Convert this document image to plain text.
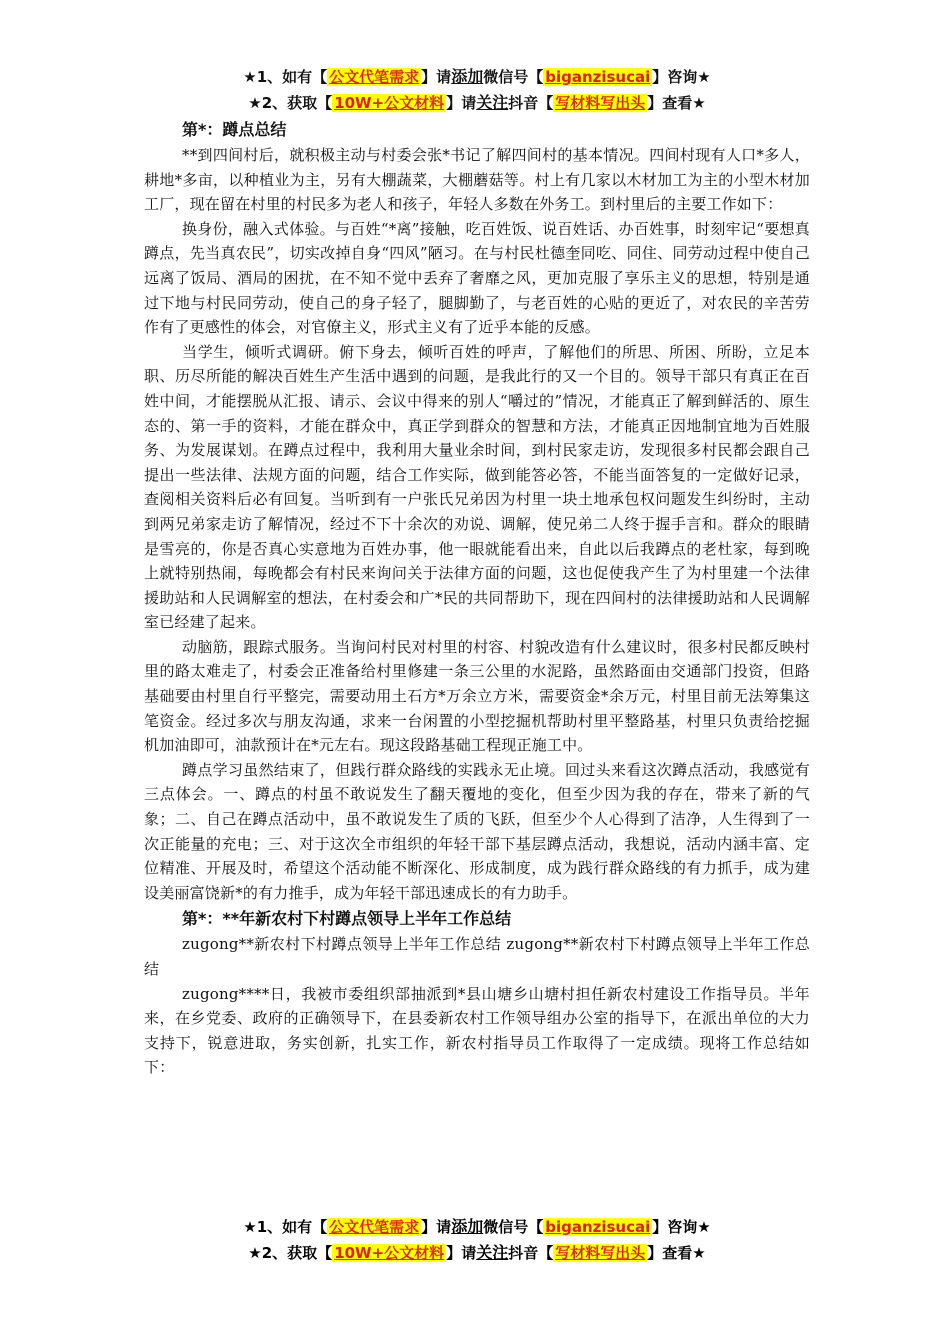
★1、如有【 公文代笔需求 】请添加微信号【 biganzisucai 】咨询★
★2、获取【 10W+公文材料 】请关注抖音【 写材料写出头 】查看★
第*：蹲点总结

**到四间村后，就积极主动与村委会张*书记了解四间村的基本情况。四间村现有人口*多人，耕地*多亩，以种植业为主，另有大棚蔬菜，大棚蘑菇等。村上有几家以木材加工为主的小型木材加工厂，现在留在村里的村民多为老人和孩子，年轻人多数在外务工。到村里后的主要工作如下：

换身份，融入式体验。与百姓“*离”接触，吃百姓饭、说百姓话、办百姓事，时刻牢记“要想真蹲点，先当真农民”，切实改掉自身“四风”陋习。在与村民杜德奎同吃、同住、同劳动过程中使自己远离了饭局、酒局的困扰，在不知不觉中丢弃了奢靡之风，更加克服了享乐主义的思想，特别是通过下地与村民同劳动，使自己的身子轻了，腿脚勤了，与老百姓的心贴的更近了，对农民的辛苦劳作有了更感性的体会，对官僚主义，形式主义有了近乎本能的反感。

当学生，倾听式调研。俯下身去，倾听百姓的呼声，了解他们的所思、所困、所盼，立足本职、历尽所能的解决百姓生产生活中遇到的问题，是我此行的又一个目的。领导干部只有真正在百姓中间，才能摆脱从汇报、请示、会议中得来的别人“嚼过的”情况，才能真正了解到鲜活的、原生态的、第一手的资料，才能在群众中，真正学到群众的智慧和方法，才能真正因地制宜地为百姓服务、为发展谋划。在蹲点过程中，我利用大量业余时间，到村民家走访，发现很多村民都会跟自己提出一些法律、法规方面的问题，结合工作实际，做到能答必答，不能当面答复的一定做好记录，查阅相关资料后必有回复。当听到有一户张氏兄弟因为村里一块土地承包权问题发生纠纷时，主动到两兄弟家走访了解情况，经过不下十余次的劝说、调解，使兄弟二人终于握手言和。群众的眼睛是雪亮的，你是否真心实意地为百姓办事，他一眼就能看出来，自此以后我蹲点的老杜家，每到晚上就特别热闹，每晚都会有村民来询问关于法律方面的问题，这也促使我产生了为村里建一个法律援助站和人民调解室的想法，在村委会和广*民的共同帮助下，现在四间村的法律援助站和人民调解室已经建了起来。

动脑筋，跟踪式服务。当询问村民对村里的村容、村貌改造有什么建议时，很多村民都反映村里的路太难走了，村委会正准备给村里修建一条三公里的水泥路，虽然路面由交通部门投资，但路基础要由村里自行平整完，需要动用土石方*万余立方米，需要资金*余万元，村里目前无法筹集这笔资金。经过多次与朋友沟通，求来一台闲置的小型挖掘机帮助村里平整路基，村里只负责给挖掘机加油即可，油款预计在*元左右。现这段路基础工程现正施工中。

蹲点学习虽然结束了，但践行群众路线的实践永无止境。回过头来看这次蹲点活动，我感觉有三点体会。一、蹲点的村虽不敢说发生了翻天覆地的变化，但至少因为我的存在，带来了新的气象；二、自己在蹲点活动中，虽不敢说发生了质的飞跃，但至少个人心得到了洁净，人生得到了一次正能量的充电；三、对于这次全市组织的年轻干部下基层蹲点活动，我想说，活动内涵丰富、定位精准、开展及时，希望这个活动能不断深化、形成制度，成为践行群众路线的有力抓手，成为建设美丽富饶新*的有力推手，成为年轻干部迅速成长的有力助手。

第*：**年新农村下村蹲点领导上半年工作总结

zugong**新农村下村蹲点领导上半年工作总结 zugong**新农村下村蹲点领导上半年工作总结

zugong****日，我被市委组织部抽派到*县山塘乡山塘村担任新农村建设工作指导员。半年来，在乡党委、政府的正确领导下，在县委新农村工作领导组办公室的指导下，在派出单位的大力支持下，锐意进取，务实创新，扎实工作，新农村指导员工作取得了一定成绩。现将工作总结如下：

★1、如有【 公文代笔需求 】请添加微信号【 biganzisucai 】咨询★
★2、获取【 10W+公文材料 】请关注抖音【 写材料写出头 】查看★
